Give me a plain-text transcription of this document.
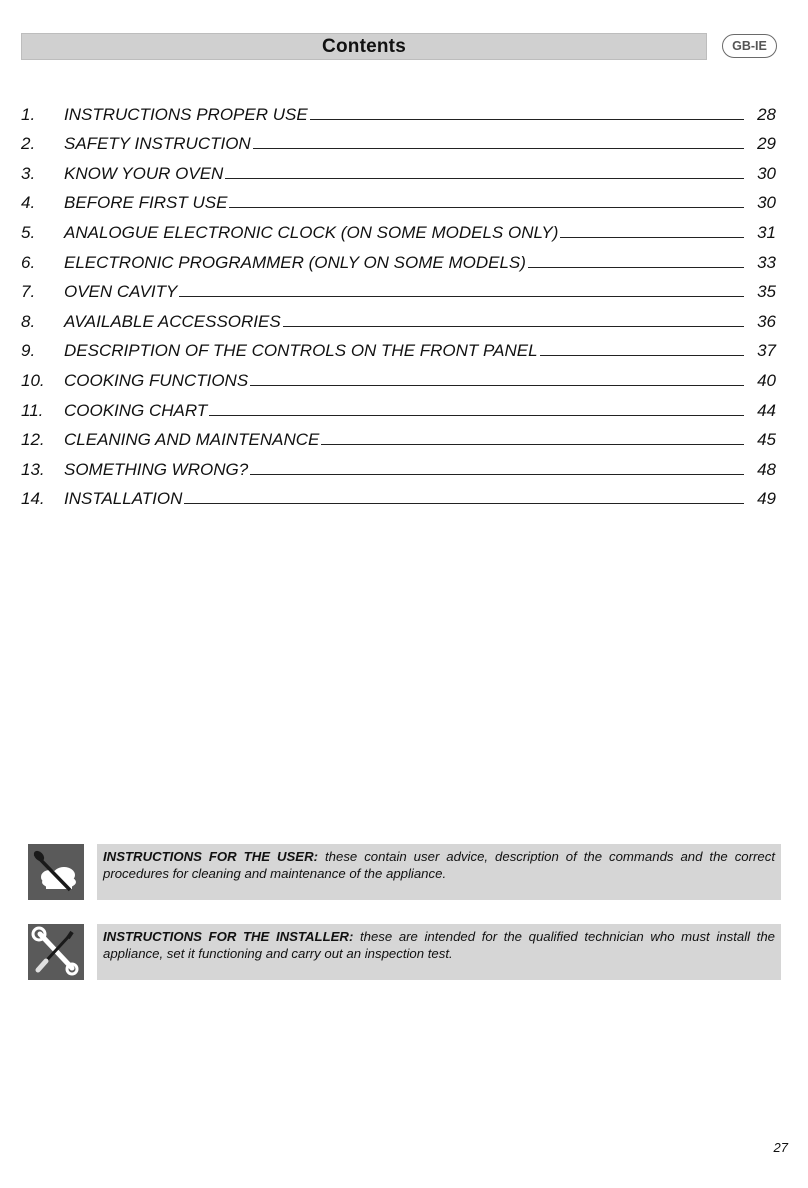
Contents	GB-IE
1.	INSTRUCTIONS PROPER USE	28
2.	SAFETY INSTRUCTION	29
3.	KNOW YOUR OVEN	30
4.	BEFORE FIRST USE	30
5.	ANALOGUE ELECTRONIC CLOCK (ON SOME MODELS ONLY)	31
6.	ELECTRONIC PROGRAMMER (ONLY ON SOME MODELS)	33
7.	OVEN CAVITY	35
8.	AVAILABLE ACCESSORIES	36
9.	DESCRIPTION OF THE CONTROLS ON THE FRONT PANEL	37
10.	COOKING FUNCTIONS	40
11.	COOKING CHART	44
12.	CLEANING AND MAINTENANCE	45
13.	SOMETHING WRONG?	48
14.	INSTALLATION	49
INSTRUCTIONS FOR THE USER: these contain user advice, description of the commands and the correct procedures for cleaning and maintenance of the appliance.
INSTRUCTIONS FOR THE INSTALLER: these are intended for the qualified technician who must install the appliance, set it functioning and carry out an inspection test.
27
